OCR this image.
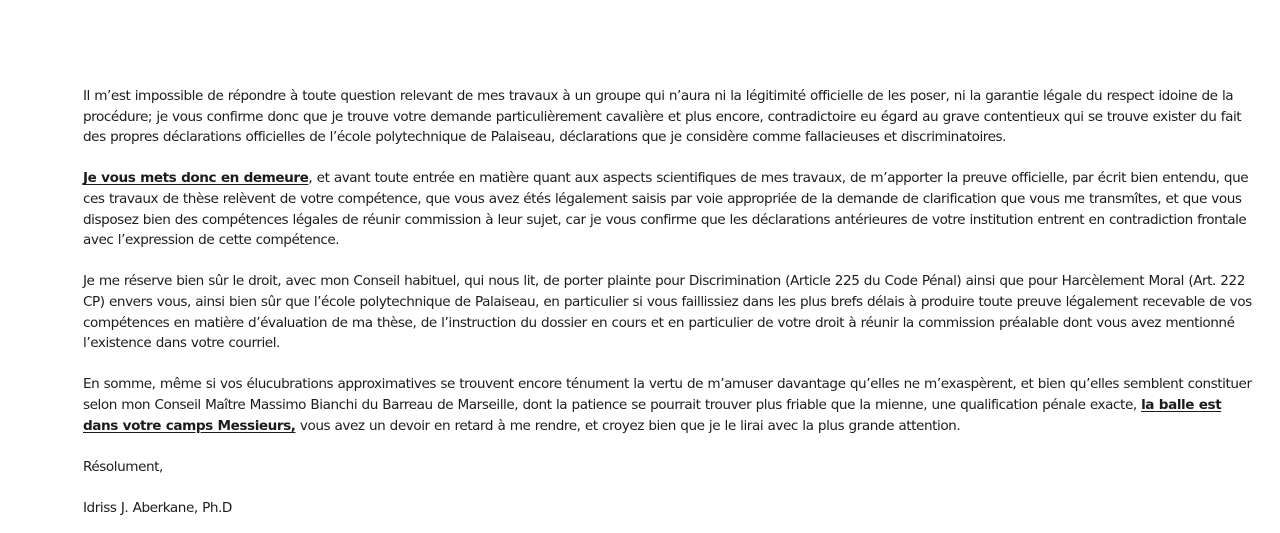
Il m’est impossible de répondre à toute question relevant de mes travaux à un groupe qui n’aura ni la légitimité officielle de les poser, ni la garantie légale du respect idoine de la procédure; je vous confirme donc que je trouve votre demande particulièrement cavalière et plus encore, contradictoire eu égard au grave contentieux qui se trouve exister du fait des propres déclarations officielles de l’école polytechnique de Palaiseau, déclarations que je considère comme fallacieuses et discriminatoires.

Je vous mets donc en demeure, et avant toute entrée en matière quant aux aspects scientifiques de mes travaux, de m’apporter la preuve officielle, par écrit bien entendu, que ces travaux de thèse relèvent de votre compétence, que vous avez étés légalement saisis par voie appropriée de la demande de clarification que vous me transmîtes, et que vous disposez bien des compétences légales de réunir commission à leur sujet, car je vous confirme que les déclarations antérieures de votre institution entrent en contradiction frontale avec l’expression de cette compétence.

Je me réserve bien sûr le droit, avec mon Conseil habituel, qui nous lit, de porter plainte pour Discrimination (Article 225 du Code Pénal) ainsi que pour Harcèlement Moral (Art. 222 CP) envers vous, ainsi bien sûr que l’école polytechnique de Palaiseau, en particulier si vous faillissiez dans les plus brefs délais à produire toute preuve légalement recevable de vos compétences en matière d’évaluation de ma thèse, de l’instruction du dossier en cours et en particulier de votre droit à réunir la commission préalable dont vous avez mentionné l’existence dans votre courriel.

En somme, même si vos élucubrations approximatives se trouvent encore ténument la vertu de m’amuser davantage qu’elles ne m’exaspèrent, et bien qu’elles semblent constituer selon mon Conseil Maître Massimo Bianchi du Barreau de Marseille, dont la patience se pourrait trouver plus friable que la mienne, une qualification pénale exacte, la balle est dans votre camps Messieurs, vous avez un devoir en retard à me rendre, et croyez bien que je le lirai avec la plus grande attention.

Résolument,

Idriss J. Aberkane, Ph.D
